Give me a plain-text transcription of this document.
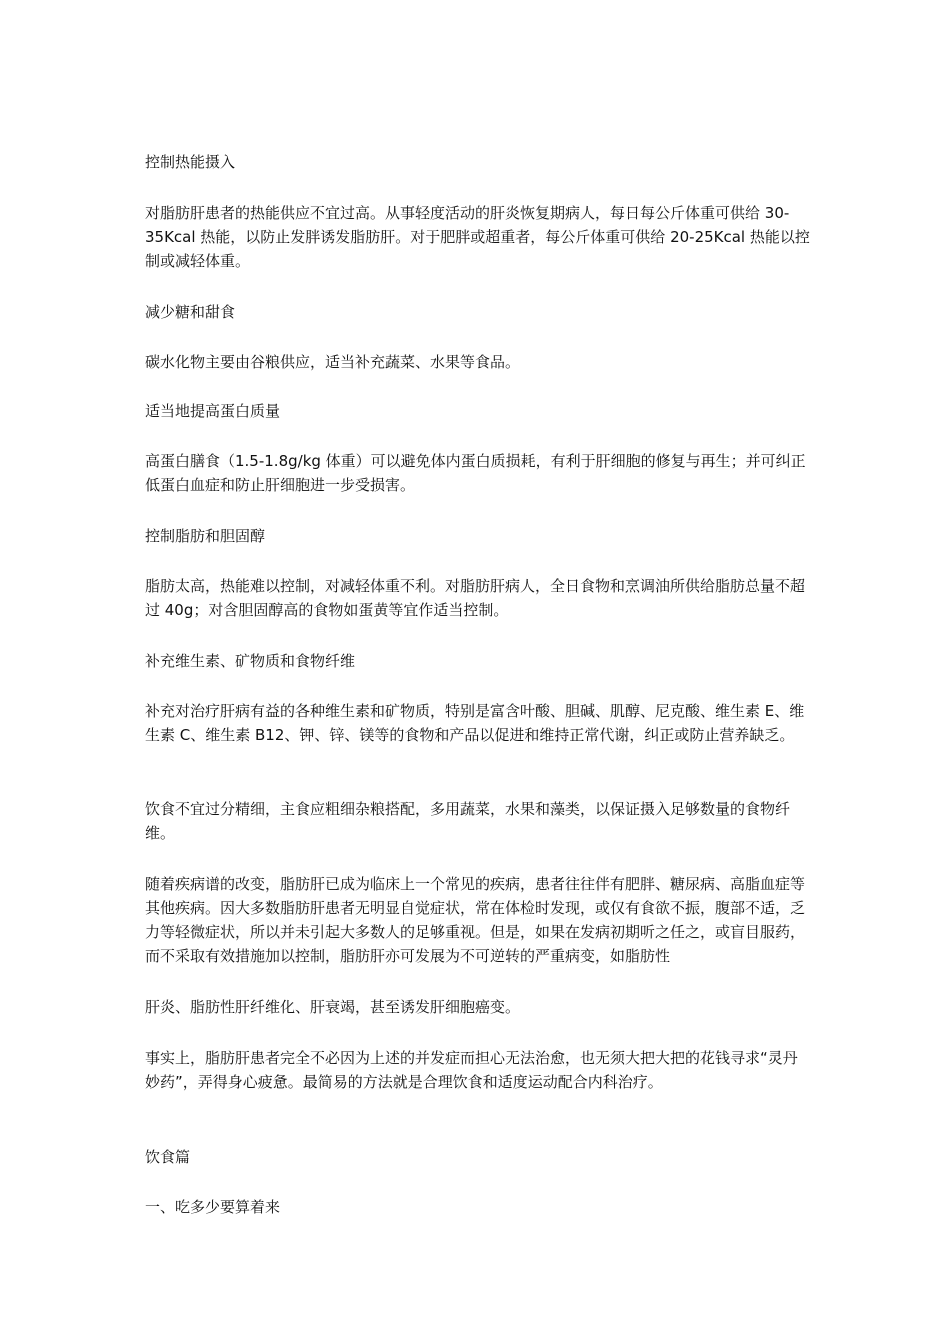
控制热能摄入

对脂肪肝患者的热能供应不宜过高。从事轻度活动的肝炎恢复期病人，每日每公斤体重可供给 30-35Kcal 热能，以防止发胖诱发脂肪肝。对于肥胖或超重者，每公斤体重可供给 20-25Kcal 热能以控制或减轻体重。

减少糖和甜食

碳水化物主要由谷粮供应，适当补充蔬菜、水果等食品。

适当地提高蛋白质量

高蛋白膳食（1.5-1.8g/kg 体重）可以避免体内蛋白质损耗，有利于肝细胞的修复与再生；并可纠正低蛋白血症和防止肝细胞进一步受损害。

控制脂肪和胆固醇

脂肪太高，热能难以控制，对减轻体重不利。对脂肪肝病人，全日食物和烹调油所供给脂肪总量不超过 40g；对含胆固醇高的食物如蛋黄等宜作适当控制。

补充维生素、矿物质和食物纤维

补充对治疗肝病有益的各种维生素和矿物质，特别是富含叶酸、胆碱、肌醇、尼克酸、维生素 E、维生素 C、维生素 B12、钾、锌、镁等的食物和产品以促进和维持正常代谢，纠正或防止营养缺乏。

饮食不宜过分精细，主食应粗细杂粮搭配，多用蔬菜，水果和藻类，以保证摄入足够数量的食物纤维。

随着疾病谱的改变，脂肪肝已成为临床上一个常见的疾病，患者往往伴有肥胖、糖尿病、高脂血症等其他疾病。因大多数脂肪肝患者无明显自觉症状，常在体检时发现，或仅有食欲不振，腹部不适，乏力等轻微症状，所以并未引起大多数人的足够重视。但是，如果在发病初期听之任之，或盲目服药，而不采取有效措施加以控制，脂肪肝亦可发展为不可逆转的严重病变，如脂肪性

肝炎、脂肪性肝纤维化、肝衰竭，甚至诱发肝细胞癌变。

事实上，脂肪肝患者完全不必因为上述的并发症而担心无法治愈，也无须大把大把的花钱寻求“灵丹妙药”，弄得身心疲惫。最简易的方法就是合理饮食和适度运动配合内科治疗。

饮食篇

一、吃多少要算着来
